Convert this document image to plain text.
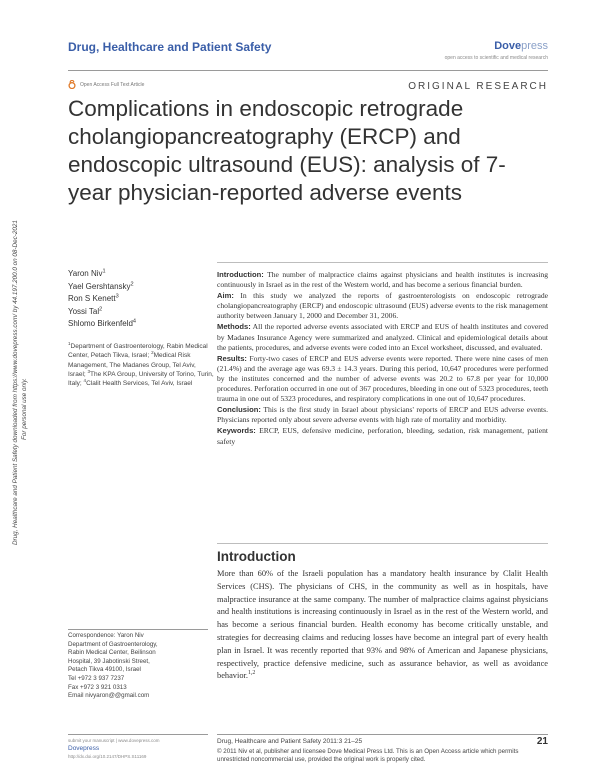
Drug, Healthcare and Patient Safety	Dovepress
open access to scientific and medical research
Open Access Full Text Article	ORIGINAL RESEARCH
Complications in endoscopic retrograde cholangiopancreatography (ERCP) and endoscopic ultrasound (EUS): analysis of 7-year physician-reported adverse events
Drug, Healthcare and Patient Safety downloaded from https://www.dovepress.com/ by 44.197.200.0 on 08-Dec-2021 For personal use only.
Yaron Niv$^1$
Yael Gershtansky$^2$
Ron S Kenett$^3$
Yossi Tal$^2$
Shlomo Birkenfeld$^4$
$^1$Department of Gastroenterology, Rabin Medical Center, Petach Tikva, Israel; $^2$Medical Risk Management, The Madanes Group, Tel Aviv, Israel; $^3$The KPA Group, University of Torino, Turin, Italy; $^4$Clalit Health Services, Tel Aviv, Israel

Introduction: The number of malpractice claims against physicians and health institutes is increasing continuously in Israel as in the rest of the Western world, and has become a serious financial burden.

Aim: In this study we analyzed the reports of gastroenterologists on endoscopic retrograde cholangiopancreatography (ERCP) and endoscopic ultrasound (EUS) adverse events to the risk management authority between January 1, 2000 and December 31, 2006.

Methods: All the reported adverse events associated with ERCP and EUS of health institutes and covered by Madanes Insurance Agency were summarized and analyzed. Clinical and epidemiological details about the patients, procedures, and adverse events were coded into an Excel worksheet, discussed, and evaluated.

Results: Forty-two cases of ERCP and EUS adverse events were reported. There were nine cases of men (21.4%) and the average age was 69.3 ± 14.3 years. During this period, 10,647 procedures were performed by the institutes concerned and the number of adverse events was 20.2 to 67.8 per year for 10,000 procedures. Perforation occurred in one out of 367 procedures, bleeding in one out of 5323 procedures, teeth trauma in one out of 5323 procedures, and respiratory complications in one out of 10,647 procedures.

Conclusion: This is the first study in Israel about physicians' reports of ERCP and EUS adverse events. Physicians reported only about severe adverse events with high rate of mortality and morbidity.

Keywords: ERCP, EUS, defensive medicine, perforation, bleeding, sedation, risk management, patient safety

Introduction
More than 60% of the Israeli population has a mandatory health insurance by Clalit Health Services (CHS). The physicians of CHS, in the community as well as in hospitals, have malpractice insurance at the same company. The number of malpractice claims against physicians and health institutions is increasing continuously in Israel as in the rest of the Western world, and has become a serious financial burden. Health economy has become critically unstable, and strategies for decreasing claims and reducing losses have become an integral part of every health plan in Israel. It was recently reported that 93% and 98% of American and Japanese physicians, respectively, practice defensive medicine, such as assurance behavior, as well as avoidance behavior.$^{1,2}$
Correspondence: Yaron Niv
Department of Gastroenterology,
Rabin Medical Center, Beilinson
Hospital, 39 Jabotinski Street,
Petach Tikva 49100, Israel
Tel +972 3 937 7237
Fax +972 3 921 0313
Email nivyaron@@gmail.com
submit your manuscript | www.dovepress.com
Dovepress
http://dx.doi.org/10.2147/DHPS.S11169
Drug, Healthcare and Patient Safety 2011:3 21–25	21
© 2011 Niv et al, publisher and licensee Dove Medical Press Ltd. This is an Open Access article which permits unrestricted noncommercial use, provided the original work is properly cited.
